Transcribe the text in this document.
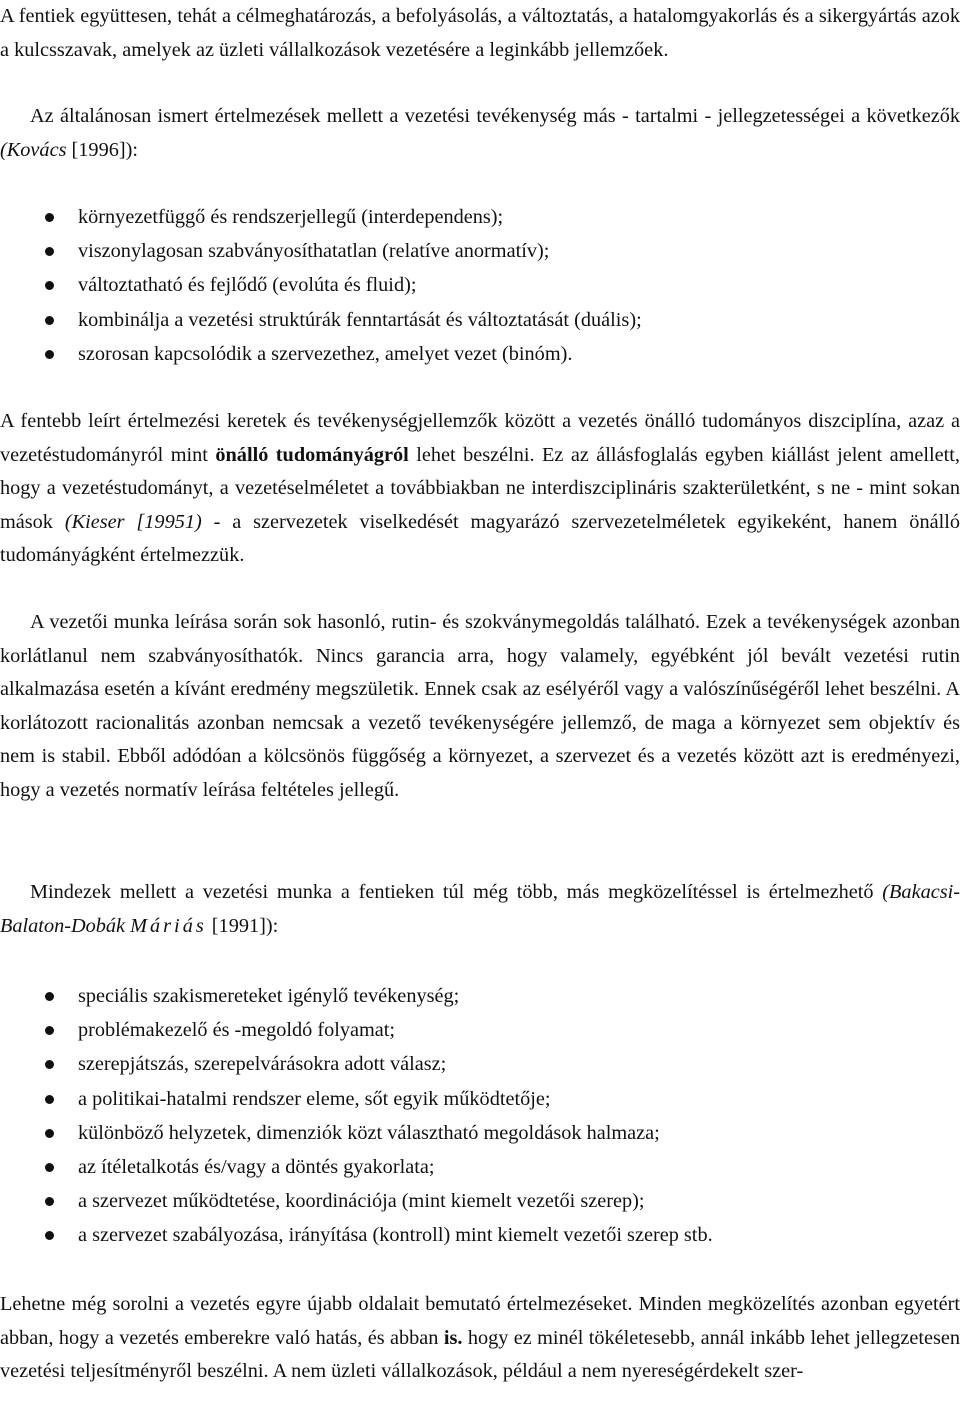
A fentiek együttesen, tehát a célmeghatározás, a befolyásolás, a változtatás, a hatalomgyakorlás és a sikergyártás azok a kulcsszavak, amelyek az üzleti vállalkozások vezetésére a leginkább jellemzőek.

Az általánosan ismert értelmezések mellett a vezetési tevékenység más - tartalmi - jellegzetességei a következők (Kovács [1996]):

környezetfüggő és rendszerjellegű (interdependens);
viszonylagosan szabványosíthatatlan (relatíve anormatív);
változtatható és fejlődő (evolúta és fluid);
kombinálja a vezetési struktúrák fenntartását és változtatását (duális);
szorosan kapcsolódik a szervezethez, amelyet vezet (binóm).

A fentebb leírt értelmezési keretek és tevékenységjellemzők között a vezetés önálló tudományos diszciplína, azaz a vezetéstudományról mint önálló tudományágról lehet beszélni. Ez az állásfoglalás egyben kiállást jelent amellett, hogy a vezetéstudományt, a vezetéselméletet a továbbiakban ne interdiszciplináris szakterületként, s ne - mint sokan mások (Kieser [19951) - a szervezetek viselkedését magyarázó szervezetelméletek egyikeként, hanem önálló tudományágként értelmezzük.

A vezetői munka leírása során sok hasonló, rutin- és szokványmegoldás található. Ezek a tevékenységek azonban korlátlanul nem szabványosíthatók. Nincs garancia arra, hogy valamely, egyébként jól bevált vezetési rutin alkalmazása esetén a kívánt eredmény megszületik. Ennek csak az esélyéről vagy a valószínűségéről lehet beszélni. A korlátozott racionalitás azonban nemcsak a vezető tevékenységére jellemző, de maga a környezet sem objektív és nem is stabil. Ebből adódóan a kölcsönös függőség a környezet, a szervezet és a vezetés között azt is eredményezi, hogy a vezetés normatív leírása feltételes jellegű.

Mindezek mellett a vezetési munka a fentieken túl még több, más megközelítéssel is értelmezhető (Bakacsi-Balaton-Dobák Máriás [1991]):

speciális szakismereteket igénylő tevékenység;
problémakezelő és -megoldó folyamat;
szerepjátszás, szerepelvárásokra adott válasz;
a politikai-hatalmi rendszer eleme, sőt egyik működtetője;
különböző helyzetek, dimenziók közt választható megoldások halmaza;
az ítéletalkotás és/vagy a döntés gyakorlata;
a szervezet működtetése, koordinációja (mint kiemelt vezetői szerep);
a szervezet szabályozása, irányítása (kontroll) mint kiemelt vezetői szerep stb.

Lehetne még sorolni a vezetés egyre újabb oldalait bemutató értelmezéseket. Minden megközelítés azonban egyetért abban, hogy a vezetés emberekre való hatás, és abban is. hogy ez minél tökéletesebb, annál inkább lehet jellegzetesen vezetési teljesítményről beszélni. A nem üzleti vállalkozások, például a nem nyereségérdekelt szer-
